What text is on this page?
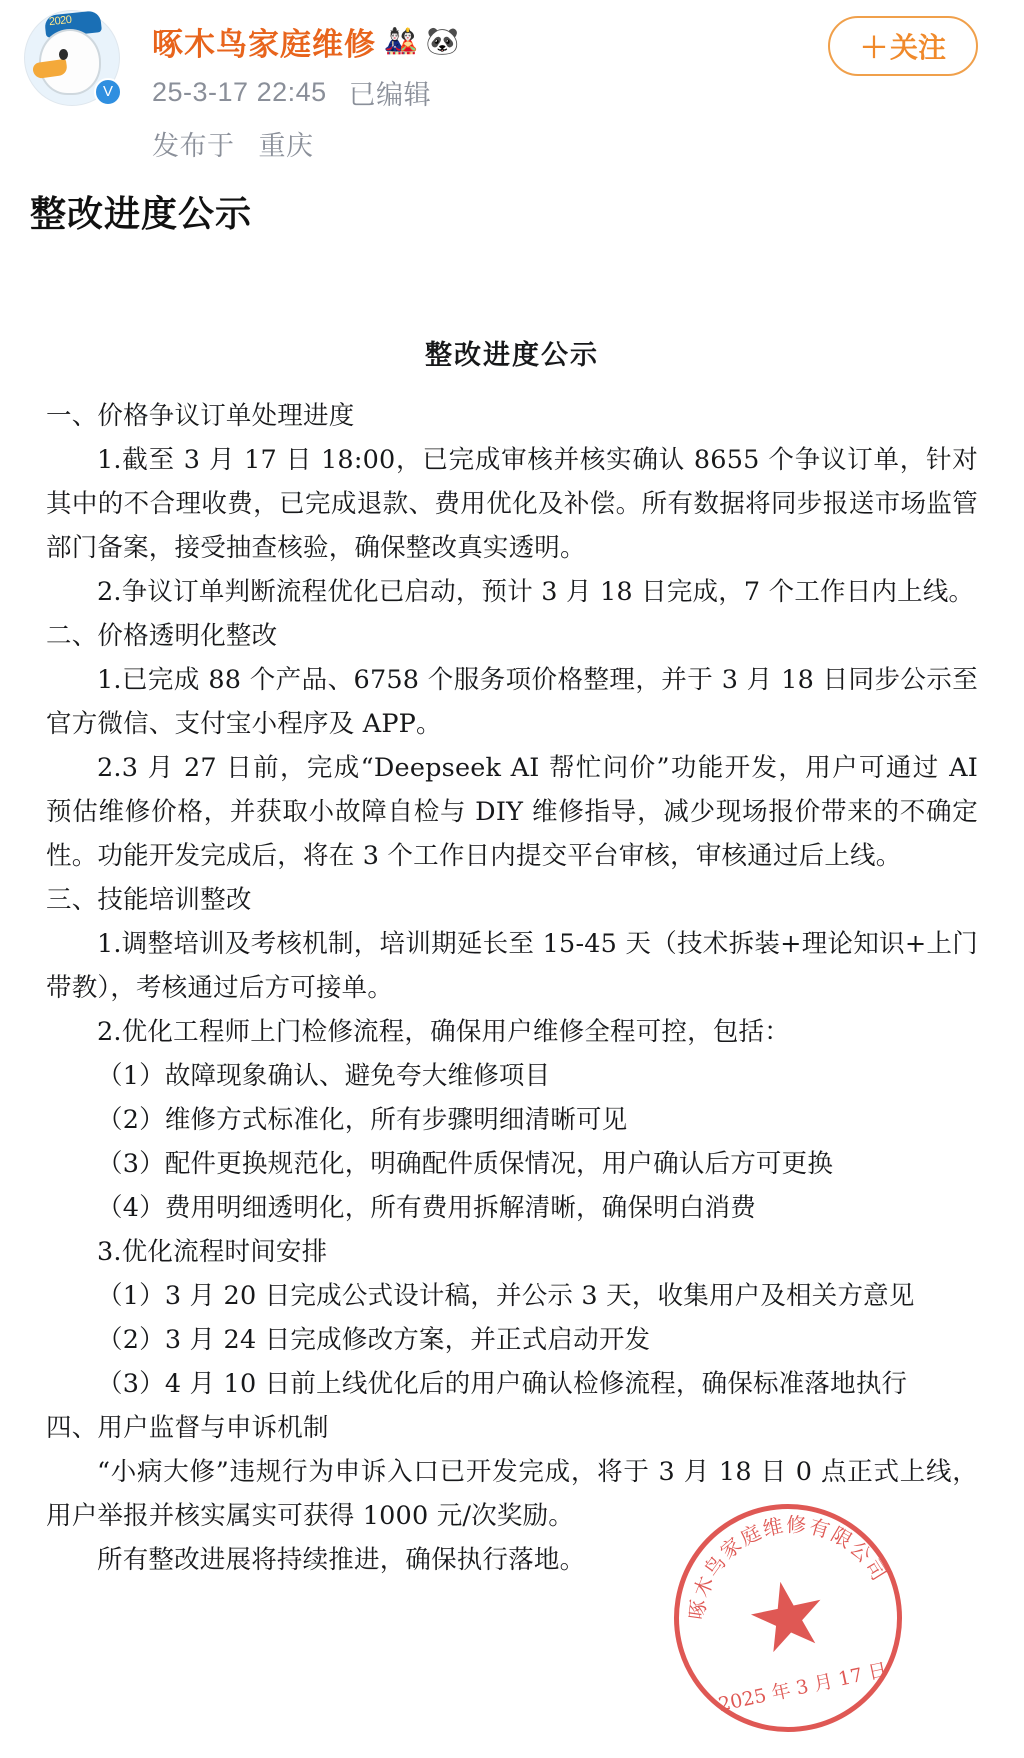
2020
V
啄木鸟家庭维修 🎎 🐼
25-3-17 22:45 已编辑
发布于 重庆
＋ 关注
整改进度公示
整改进度公示

一、价格争议订单处理进度

1.截至 3 月 17 日 18:00，已完成审核并核实确认 8655 个争议订单，针对其中的不合理收费，已完成退款、费用优化及补偿。所有数据将同步报送市场监管部门备案，接受抽查核验，确保整改真实透明。

2.争议订单判断流程优化已启动，预计 3 月 18 日完成，7 个工作日内上线。

二、价格透明化整改

1.已完成 88 个产品、6758 个服务项价格整理，并于 3 月 18 日同步公示至官方微信、支付宝小程序及 APP。

2.3 月 27 日前，完成“Deepseek AI 帮忙问价”功能开发，用户可通过 AI 预估维修价格，并获取小故障自检与 DIY 维修指导，减少现场报价带来的不确定性。功能开发完成后，将在 3 个工作日内提交平台审核，审核通过后上线。

三、技能培训整改

1.调整培训及考核机制，培训期延长至 15-45 天（技术拆装+理论知识+上门带教），考核通过后方可接单。

2.优化工程师上门检修流程，确保用户维修全程可控，包括：

（1）故障现象确认、避免夸大维修项目

（2）维修方式标准化，所有步骤明细清晰可见

（3）配件更换规范化，明确配件质保情况，用户确认后方可更换

（4）费用明细透明化，所有费用拆解清晰，确保明白消费

3.优化流程时间安排

（1）3 月 20 日完成公式设计稿，并公示 3 天，收集用户及相关方意见

（2）3 月 24 日完成修改方案，并正式启动开发

（3）4 月 10 日前上线优化后的用户确认检修流程，确保标准落地执行

四、用户监督与申诉机制

“小病大修”违规行为申诉入口已开发完成，将于 3 月 18 日 0 点正式上线，用户举报并核实属实可获得 1000 元/次奖励。

所有整改进展将持续推进，确保执行落地。

啄木鸟家庭维修有限公司
2025 年 3 月 17 日
